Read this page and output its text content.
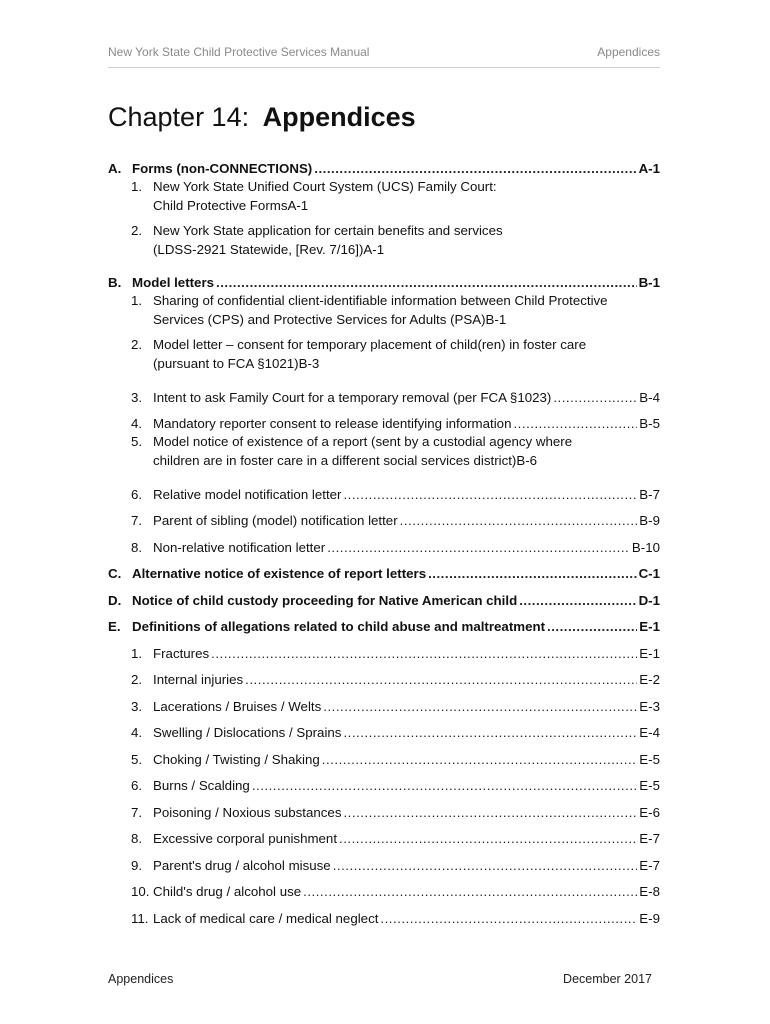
New York State Child Protective Services Manual	Appendices
Chapter 14: Appendices
A. Forms (non-CONNECTIONS) .....	A-1
1. New York State Unified Court System (UCS) Family Court:
Child Protective Forms A-1
2. New York State application for certain benefits and services
(LDSS-2921 Statewide, [Rev. 7/16]) A-1
B. Model letters .....	B-1
1. Sharing of confidential client-identifiable information between Child Protective
Services (CPS) and Protective Services for Adults (PSA) B-1
2. Model letter – consent for temporary placement of child(ren) in foster care
(pursuant to FCA §1021) B-3
3. Intent to ask Family Court for a temporary removal (per FCA §1023) .....	B-4
4. Mandatory reporter consent to release identifying information .....	B-5
5. Model notice of existence of a report (sent by a custodial agency where
children are in foster care in a different social services district) B-6
6. Relative model notification letter .....	B-7
7. Parent of sibling (model) notification letter .....	B-9
8. Non-relative notification letter .....	B-10
C. Alternative notice of existence of report letters .....	C-1
D. Notice of child custody proceeding for Native American child .....	D-1
E. Definitions of allegations related to child abuse and maltreatment .....	E-1
1. Fractures .....	E-1
2. Internal injuries .....	E-2
3. Lacerations / Bruises / Welts .....	E-3
4. Swelling / Dislocations / Sprains .....	E-4
5. Choking / Twisting / Shaking .....	E-5
6. Burns / Scalding .....	E-5
7. Poisoning / Noxious substances .....	E-6
8. Excessive corporal punishment .....	E-7
9. Parent's drug / alcohol misuse .....	E-7
10. Child's drug / alcohol use .....	E-8
11. Lack of medical care / medical neglect .....	E-9
Appendices	December 2017
